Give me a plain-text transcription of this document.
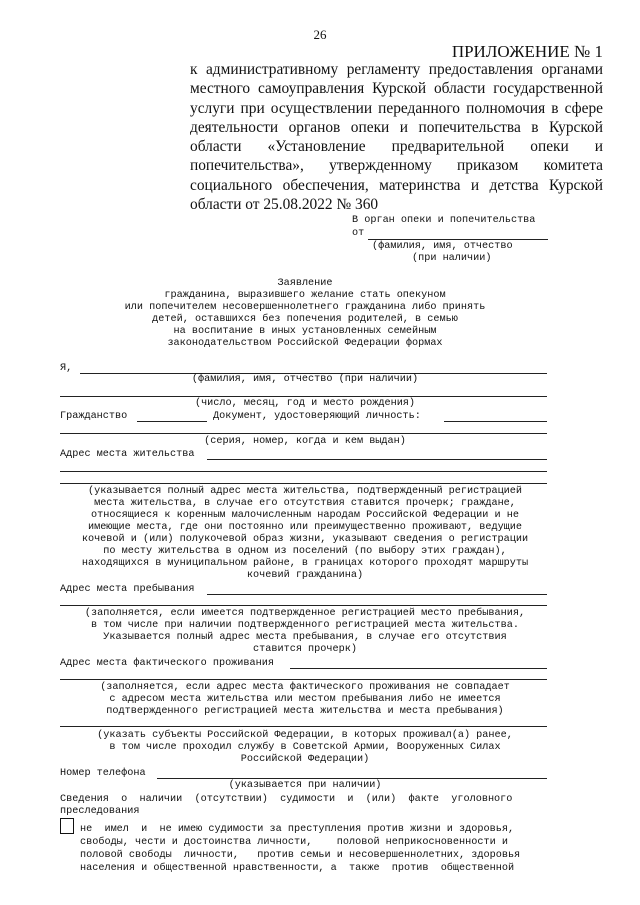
26
ПРИЛОЖЕНИЕ № 1
к административному регламенту предоставления органами
местного самоуправления Курской области государственной
услуги при осуществлении переданного полномочия в сфере
деятельности органов опеки и попечительства в Курской
области «Установление предварительной опеки и
попечительства», утвержденному приказом комитета
социального обеспечения, материнства и детства Курской
области от 25.08.2022 № 360
В орган опеки и попечительства
от
(фамилия, имя, отчество
(при наличии)
Заявление
гражданина, выразившего желание стать опекуном
или попечителем несовершеннолетнего гражданина либо принять
детей, оставшихся без попечения родителей, в семью
на воспитание в иных установленных семейным
законодательством Российской Федерации формах
Я,
(фамилия, имя, отчество (при наличии)
(число, месяц, год и место рождения)
Гражданство	Документ, удостоверяющий личность:
(серия, номер, когда и кем выдан)
Адрес места жительства
(указывается полный адрес места жительства, подтвержденный регистрацией
места жительства, в случае его отсутствия ставится прочерк; граждане,
относящиеся к коренным малочисленным народам Российской Федерации и не
имеющие места, где они постоянно или преимущественно проживают, ведущие
кочевой и (или) полукочевой образ жизни, указывают сведения о регистрации
по месту жительства в одном из поселений (по выбору этих граждан),
находящихся в муниципальном районе, в границах которого проходят маршруты
кочевий гражданина)
Адрес места пребывания
(заполняется, если имеется подтвержденное регистрацией место пребывания,
в том числе при наличии подтвержденного регистрацией места жительства.
Указывается полный адрес места пребывания, в случае его отсутствия
ставится прочерк)
Адрес места фактического проживания
(заполняется, если адрес места фактического проживания не совпадает
с адресом места жительства или местом пребывания либо не имеется
подтвержденного регистрацией места жительства и места пребывания)
(указать субъекты Российской Федерации, в которых проживал(а) ранее,
в том числе проходил службу в Советской Армии, Вооруженных Силах
Российской Федерации)
Номер телефона
(указывается при наличии)
Сведения  о  наличии  (отсутствии)  судимости  и  (или)  факте  уголовного
преследования
не  имел  и  не имею судимости за преступления против жизни и здоровья,
свободы, чести и достоинства личности,    половой неприкосновенности и
половой свободы  личности,   против семьи и несовершеннолетних, здоровья
населения и общественной нравственности, а  также  против  общественной
